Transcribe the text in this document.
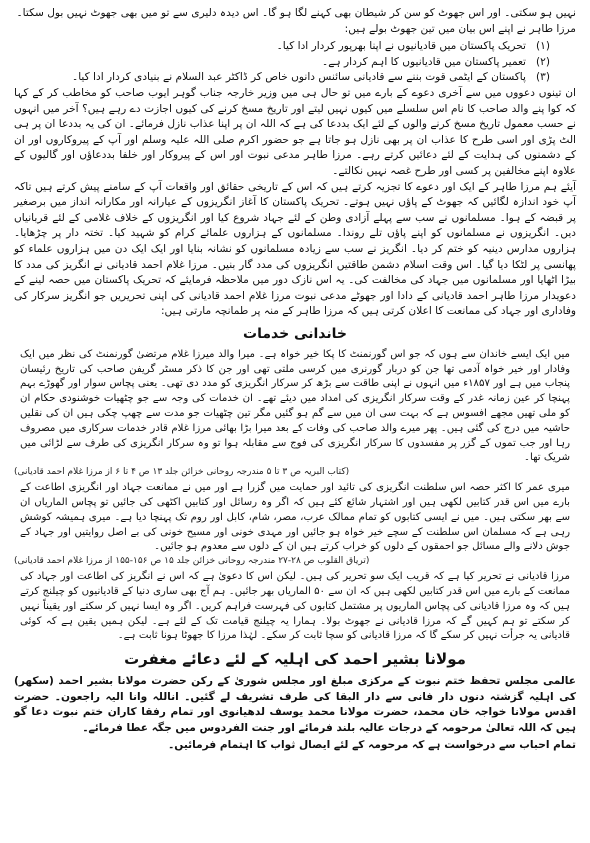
نہیں ہو سکتی۔ اور اس جھوٹ کو سن کر شیطان بھی کہنے لگا ہو گا۔ اس دیدہ دلیری سے تو میں بھی جھوٹ نہیں بول سکتا۔

مرزا طاہر نے اپنے اس بیان میں تین جھوٹ بولے ہیں:

(۱)
تحریک پاکستان میں قادیانیوں نے اپنا بھرپور کردار ادا کیا۔
(۲)
تعمیر پاکستان میں قادیانیوں کا اہم کردار ہے۔
(۳)
پاکستان کے ایٹمی قوت بننے سے قادیانی سائنس دانوں خاص کر ڈاکٹر عبد السلام نے بنیادی کردار ادا کیا۔

ان تینوں دعووں میں سے آخری دعوے کے بارے میں تو حال ہی میں وزیر خارجہ جناب گوہر ایوب صاحب کو مخاطب کر کے کہا کہ کوا پنے والد صاحب کا نام اس سلسلے میں کیوں نہیں لیتے اور تاریخ مسخ کرنے کی کیوں اجازت دے رہے ہیں؟ آخر میں انہوں نے حسب معمول تاریخ مسخ کرنے والوں کے لئے ایک بددعا کی ہے کہ اللہ ان پر اپنا عذاب نازل فرمائے۔ ان کی یہ بددعا ان پر ہی الٹ پڑی اور اسی طرح کا عذاب ان پر بھی نازل ہو جاتا ہے جو حضور اکرم صلی اللہ علیہ وسلم اور آپ کے پیروکاروں اور ان کے دشمنوں کی ہدایت کے لئے دعائیں کرتے رہے۔ مرزا طاہر مدعی نبوت اور اس کے پیروکار اور خلفا بددعاؤں اور گالیوں کے علاوہ اپنے مخالفین پر کسی اور طرح غصہ نہیں نکالتے۔

آیئے ہم مرزا طاہر کے ایک اور دعوے کا تجزیہ کرتے ہیں کہ اس کے تاریخی حقائق اور واقعات آپ کے سامنے پیش کرتے ہیں تاکہ آپ خود اندازہ لگائیں کہ جھوٹ کے پاؤں نہیں ہوتے۔ تحریک پاکستان کا آغاز انگریزوں کے عیارانہ اور مکارانہ انداز میں برصغیر پر قبضہ کے ہوا۔ مسلمانوں نے سب سے پہلے آزادی وطن کے لئے جہاد شروع کیا اور انگریزوں کے خلاف غلامی کے لئے قربانیاں دیں۔ انگریزوں نے مسلمانوں کو اپنے پاؤں تلے روندا۔ مسلمانوں کے ہزاروں علمائے کرام کو شہید کیا۔ تختہ دار پر چڑھایا۔ ہزاروں مدارس دینیہ کو ختم کر دیا۔ انگریز نے سب سے زیادہ مسلمانوں کو نشانہ بنایا اور ایک ایک دن میں ہزاروں علماء کو پھانسی پر لٹکا دیا گیا۔ اس وقت اسلام دشمن طاقتیں انگریزوں کی مدد گار بنیں۔ مرزا غلام احمد قادیانی نے انگریز کی مدد کا بیڑا اٹھایا اور مسلمانوں میں جہاد کی مخالفت کی۔ یہ اس نازک دور میں ملاحظہ فرمایئے کہ تحریک پاکستان میں حصہ لینے کے دعویدار مرزا طاہر احمد قادیانی کے دادا اور جھوٹے مدعی نبوت مرزا غلام احمد قادیانی کی اپنی تحریریں جو انگریز سرکار کی وفاداری اور جہاد کی ممانعت کا اعلان کرتی ہیں کہ مرزا طاہر کے منہ پر طمانچہ مارتی ہیں:

خاندانی خدمات

میں ایک ایسے خاندان سے ہوں کہ جو اس گورنمنٹ کا پکا خیر خواہ ہے۔ میرا والد میرزا غلام مرتضیٰ گورنمنٹ کی نظر میں ایک وفادار اور خیر خواہ آدمی تھا جن کو دربار گورنری میں کرسی ملتی تھی اور جن کا ذکر مسٹر گریفن صاحب کی تاریخ رئیسان پنجاب میں ہے اور ۱۸۵۷ء میں انہوں نے اپنی طاقت سے بڑھ کر سرکار انگریزی کو مدد دی تھی۔ یعنی پچاس سوار اور گھوڑے بہم پہنچا کر عین زمانہ غدر کے وقت سرکار انگریزی کی امداد میں دیئے تھے۔ ان خدمات کی وجہ سے جو چٹھیات خوشنودی حکام ان کو ملی تھیں مجھے افسوس ہے کہ بہت سی ان میں سے گم ہو گئیں مگر تین چٹھیات جو مدت سے چھپ چکی ہیں ان کی نقلیں حاشیہ میں درج کی گئی ہیں۔ پھر میرے والد صاحب کی وفات کے بعد میرا بڑا بھائی مرزا غلام قادر خدمات سرکاری میں مصروف رہا اور جب تموں کے گزر پر مفسدوں کا سرکار انگریزی کی فوج سے مقابلہ ہوا تو وہ سرکار انگریزی کی طرف سے لڑائی میں شریک تھا۔

(کتاب البریہ ص ۳ تا ۵ مندرجہ روحانی خزائن جلد ۱۳ ص ۴ تا ۶ از مرزا غلام احمد قادیانی)

میری عمر کا اکثر حصہ اس سلطنت انگریزی کی تائید اور حمایت میں گزرا ہے اور میں نے ممانعت جہاد اور انگریزی اطاعت کے بارے میں اس قدر کتابیں لکھی ہیں اور اشتہار شائع کئے ہیں کہ اگر وہ رسائل اور کتابیں اکٹھی کی جائیں تو پچاس الماریاں ان سے بھر سکتی ہیں۔ میں نے ایسی کتابوں کو تمام ممالک عرب، مصر، شام، کابل اور روم تک پہنچا دیا ہے۔ میری ہمیشہ کوشش رہی ہے کہ مسلمان اس سلطنت کے سچے خیر خواہ ہو جائیں اور مہدی خونی اور مسیح خونی کی بے اصل روایتیں اور جہاد کے جوش دلانے والے مسائل جو احمقوں کے دلوں کو خراب کرتے ہیں ان کے دلوں سے معدوم ہو جائیں۔

(تریاق القلوب ص ۲۸-۲۷ مندرجہ روحانی خزائن جلد ۱۵ ص ۱۵۶-۱۵۵ از مرزا غلام احمد قادیانی)

مرزا قادیانی نے تحریر کیا ہے کہ قریب ایک سو تحریر کی ہیں۔ لیکن اس کا دعویٰ ہے کہ اس نے انگریز کی اطاعت اور جہاد کی ممانعت کے بارے میں اس قدر کتابیں لکھی ہیں کہ ان سے ۵۰ الماریاں بھر جائیں۔ ہم آج بھی ساری دنیا کے قادیانیوں کو چیلنج کرتے ہیں کہ وہ مرزا قادیانی کی پچاس الماریوں پر مشتمل کتابوں کی فہرست فراہم کریں۔ اگر وہ ایسا نہیں کر سکتے اور یقیناً نہیں کر سکتے تو ہم کہیں گے کہ مرزا قادیانی نے جھوٹ بولا۔ ہمارا یہ چیلنج قیامت تک کے لئے ہے۔ لیکن ہمیں یقین ہے کہ کوئی قادیانی یہ جرأت نہیں کر سکے گا کہ مرزا قادیانی کو سچا ثابت کر سکے۔ لہٰذا مرزا کا جھوٹا ہونا ثابت ہے۔

مولانا بشیر احمد کی اہلیہ کے لئے دعائے مغفرت

عالمی مجلس تحفظ ختم نبوت کے مرکزی مبلغ اور مجلس شوریٰ کے رکن حضرت مولانا بشیر احمد (سکھر) کی اہلیہ گزشتہ دنوں دار فانی سے دار البقا کی طرف تشریف لے گئیں۔ اناللہ وانا الیہ راجعون۔ حضرت اقدس مولانا خواجہ خان محمد، حضرت مولانا محمد یوسف لدھیانوی اور تمام رفقا کاران ختم نبوت دعا گو ہیں کہ اللہ تعالیٰ مرحومہ کے درجات عالیہ بلند فرمائے اور جنت الفردوس میں جگہ عطا فرمائے۔

تمام احباب سے درخواست ہے کہ مرحومہ کے لئے ایصال ثواب کا اہتمام فرمائیں۔
